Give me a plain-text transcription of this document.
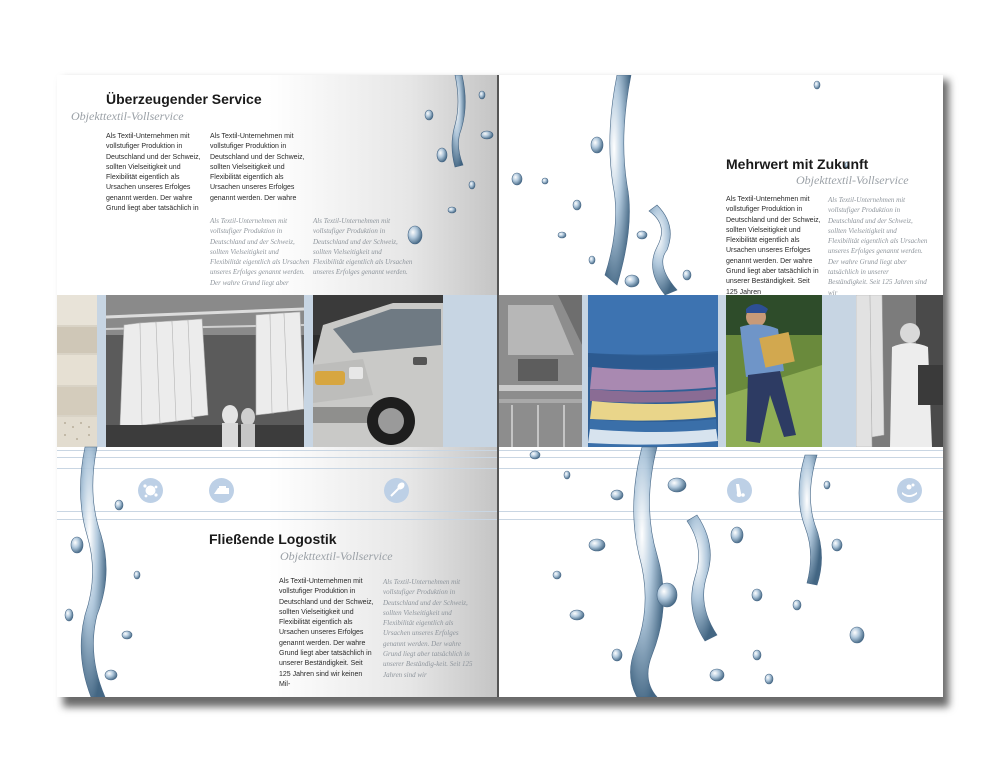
Überzeugender Service
Objekttextil-Vollservice
Als Textil-Unternehmen mit vollstufiger Produktion in Deutschland und der Schweiz, sollten Vielseitigkeit und Flexibilität eigentlich als Ursachen unseres Erfolges genannt werden. Der wahre Grund liegt aber tatsächlich in
Als Textil-Unternehmen mit vollstufiger Produktion in Deutschland und der Schweiz, sollten Vielseitigkeit und Flexibilität eigentlich als Ursachen unseres Erfolges genannt werden. Der wahre
Als Textil-Unternehmen mit vollstufiger Produktion in Deutschland und der Schweiz, sollten Vielseitigkeit und Flexibilität eigentlich als Ursachen unseres Erfolges genannt werden. Der wahre Grund liegt aber
Als Textil-Unternehmen mit vollstufiger Produktion in Deutschland und der Schweiz, sollten Vielseitigkeit und Flexibilität eigentlich als Ursachen unseres Erfolges genannt werden.
Mehrwert mit Zukunft
Objekttextil-Vollservice
Als Textil-Unternehmen mit vollstufiger Produktion in Deutschland und der Schweiz, sollten Vielseitigkeit und Flexibilität eigentlich als Ursachen unseres Erfolges genannt werden. Der wahre Grund liegt aber tatsächlich in unserer Beständigkeit. Seit 125 Jahren
Als Textil-Unternehmen mit vollstufiger Produktion in Deutschland und der Schweiz, sollten Vielseitigkeit und Flexibilität eigentlich als Ursachen unseres Erfolges genannt werden. Der wahre Grund liegt aber tatsächlich in unserer Beständigkeit. Seit 125 Jahren sind wir
Fließende Logostik
Objekttextil-Vollservice
Als Textil-Unternehmen mit vollstufiger Produktion in Deutschland und der Schweiz, sollten Vielseitigkeit und Flexibilität eigentlich als Ursachen unseres Erfolges genannt werden. Der wahre Grund liegt aber tatsächlich in unserer Beständigkeit. Seit 125 Jahren sind wir keinen Mil-
Als Textil-Unternehmen mit vollstufiger Produktion in Deutschland und der Schweiz, sollten Vielseitigkeit und Flexibilität eigentlich als Ursachen unseres Erfolges genannt werden. Der wahre Grund liegt aber tatsächlich in unserer Beständig-keit. Seit 125 Jahren sind wir
